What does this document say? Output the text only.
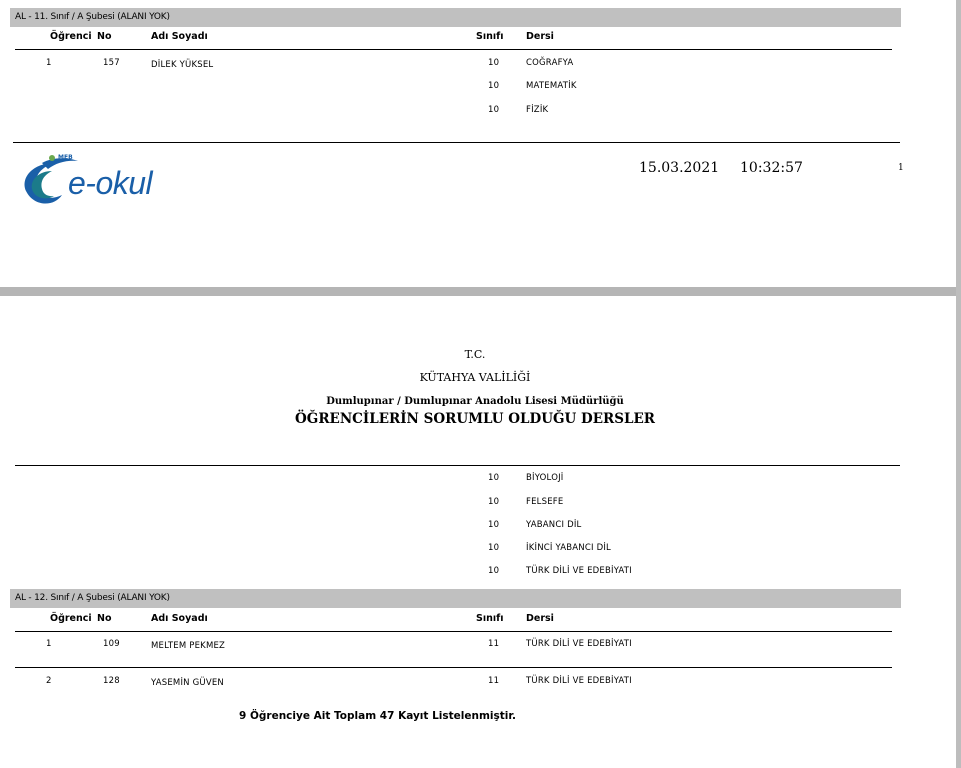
AL - 11. Sınıf / A Şubesi (ALANI YOK)
Öğrenci No	Adı Soyadı	Sınıfı Dersi
1	157	DİLEK YÜKSEL	10	COĞRAFYA
10	MATEMATİK
10	FİZİK
MEB
e-okul	15.03.2021 10:32:57	1
T.C.
KÜTAHYA VALİLİĞİ
Dumlupınar / Dumlupınar Anadolu Lisesi Müdürlüğü
ÖĞRENCİLERİN SORUMLU OLDUĞU DERSLER
10	BİYOLOJİ
10	FELSEFE
10	YABANCI DİL
10	İKİNCİ YABANCI DİL
10	TÜRK DİLİ VE EDEBİYATI
AL - 12. Sınıf / A Şubesi (ALANI YOK)
Öğrenci No	Adı Soyadı	Sınıfı Dersi
1	109	MELTEM PEKMEZ	11	TÜRK DİLİ VE EDEBİYATI
2	128	YASEMİN GÜVEN	11	TÜRK DİLİ VE EDEBİYATI
9 Öğrenciye Ait Toplam 47 Kayıt Listelenmiştir.
